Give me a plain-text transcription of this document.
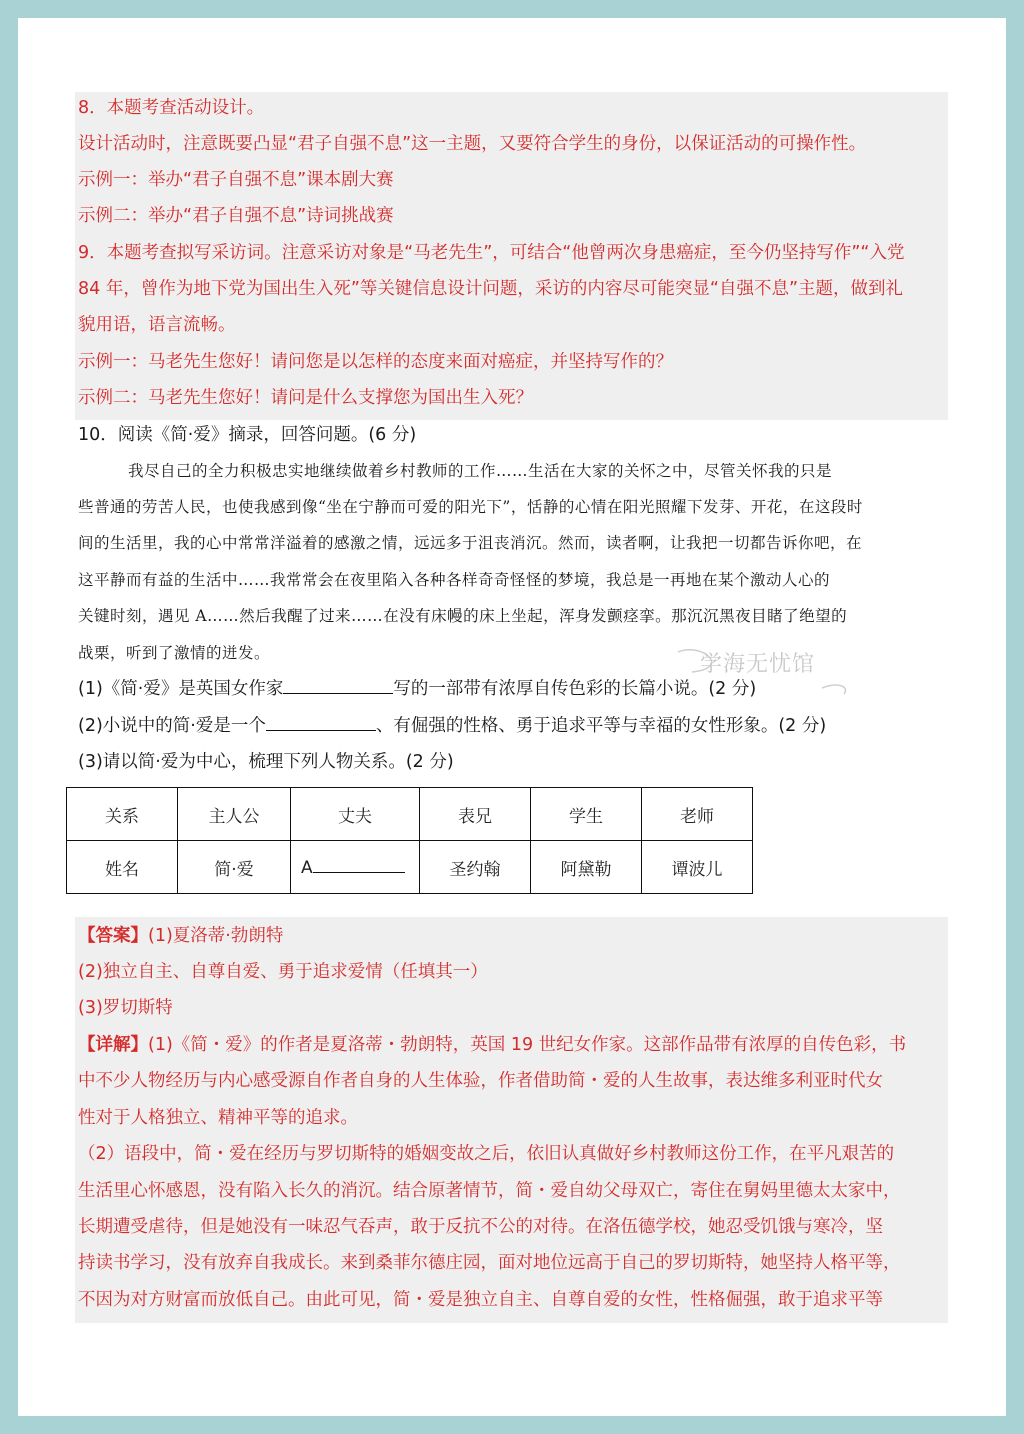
8．本题考查活动设计。
设计活动时，注意既要凸显“君子自强不息”这一主题，又要符合学生的身份，以保证活动的可操作性。
示例一：举办“君子自强不息”课本剧大赛
示例二：举办“君子自强不息”诗词挑战赛
9．本题考查拟写采访词。注意采访对象是“马老先生”，可结合“他曾两次身患癌症，至今仍坚持写作”“入党
84 年，曾作为地下党为国出生入死”等关键信息设计问题，采访的内容尽可能突显“自强不息”主题，做到礼
貌用语，语言流畅。
示例一：马老先生您好！请问您是以怎样的态度来面对癌症，并坚持写作的？
示例二：马老先生您好！请问是什么支撑您为国出生入死？
10．阅读《简·爱》摘录，回答问题。(6 分)
我尽自己的全力积极忠实地继续做着乡村教师的工作……生活在大家的关怀之中，尽管关怀我的只是
些普通的劳苦人民，也使我感到像“坐在宁静而可爱的阳光下”，恬静的心情在阳光照耀下发芽、开花，在这段时
间的生活里，我的心中常常洋溢着的感激之情，远远多于沮丧消沉。然而，读者啊，让我把一切都告诉你吧，在
这平静而有益的生活中……我常常会在夜里陷入各种各样奇奇怪怪的梦境，我总是一再地在某个激动人心的
关键时刻，遇见 A……然后我醒了过来……在没有床幔的床上坐起，浑身发颤痉挛。那沉沉黑夜目睹了绝望的
战栗，听到了激情的迸发。
(1)《简·爱》是英国女作家	写的一部带有浓厚自传色彩的长篇小说。(2 分)
(2)小说中的简·爱是一个	、有倔强的性格、勇于追求平等与幸福的女性形象。(2 分)
(3)请以简·爱为中心，梳理下列人物关系。(2 分)
关系	主人公	丈夫	表兄	学生	老师
姓名	简·爱	A	圣约翰	阿黛勒	谭波儿
【答案】(1)夏洛蒂·勃朗特
(2)独立自主、自尊自爱、勇于追求爱情（任填其一）
(3)罗切斯特
【详解】(1)《简・爱》的作者是夏洛蒂・勃朗特，英国 19 世纪女作家。这部作品带有浓厚的自传色彩，书
中不少人物经历与内心感受源自作者自身的人生体验，作者借助简・爱的人生故事，表达维多利亚时代女
性对于人格独立、精神平等的追求。
（2）语段中，简・爱在经历与罗切斯特的婚姻变故之后，依旧认真做好乡村教师这份工作，在平凡艰苦的
生活里心怀感恩，没有陷入长久的消沉。结合原著情节，简・爱自幼父母双亡，寄住在舅妈里德太太家中，
长期遭受虐待，但是她没有一味忍气吞声，敢于反抗不公的对待。在洛伍德学校，她忍受饥饿与寒冷，坚
持读书学习，没有放弃自我成长。来到桑菲尔德庄园，面对地位远高于自己的罗切斯特，她坚持人格平等，
不因为对方财富而放低自己。由此可见，简・爱是独立自主、自尊自爱的女性，性格倔强，敢于追求平等
学海无忧馆
